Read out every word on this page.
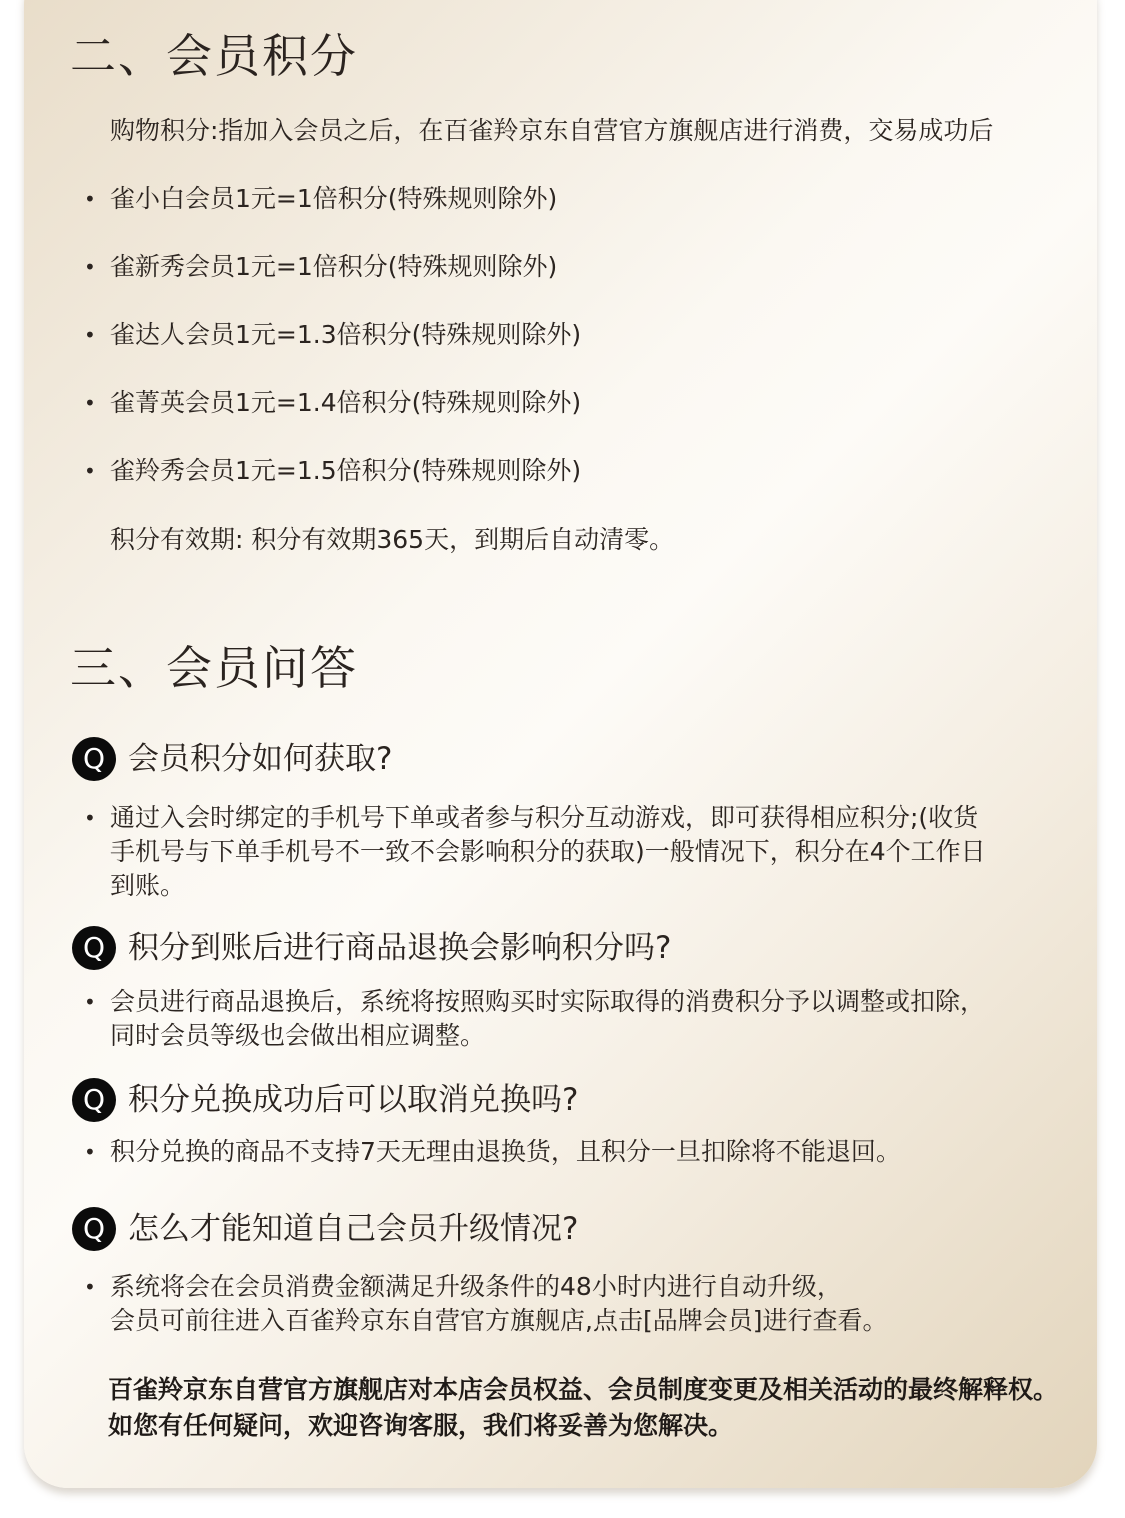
二、会员积分

购物积分:指加入会员之后，在百雀羚京东自营官方旗舰店进行消费，交易成功后

• 雀小白会员1元=1倍积分(特殊规则除外)
• 雀新秀会员1元=1倍积分(特殊规则除外)
• 雀达人会员1元=1.3倍积分(特殊规则除外)
• 雀菁英会员1元=1.4倍积分(特殊规则除外)
• 雀羚秀会员1元=1.5倍积分(特殊规则除外)

积分有效期: 积分有效期365天，到期后自动清零。

三、会员问答
Q 会员积分如何获取?
• 通过入会时绑定的手机号下单或者参与积分互动游戏，即可获得相应积分;(收货
手机号与下单手机号不一致不会影响积分的获取)一般情况下，积分在4个工作日
到账。
Q 积分到账后进行商品退换会影响积分吗?
• 会员进行商品退换后，系统将按照购买时实际取得的消费积分予以调整或扣除，
同时会员等级也会做出相应调整。
Q 积分兑换成功后可以取消兑换吗?
• 积分兑换的商品不支持7天无理由退换货，且积分一旦扣除将不能退回。
Q 怎么才能知道自己会员升级情况?
• 系统将会在会员消费金额满足升级条件的48小时内进行自动升级，
会员可前往进入百雀羚京东自营官方旗舰店,点击[品牌会员]进行查看。

百雀羚京东自营官方旗舰店对本店会员权益、会员制度变更及相关活动的最终解释权。
如您有任何疑问，欢迎咨询客服，我们将妥善为您解决。
